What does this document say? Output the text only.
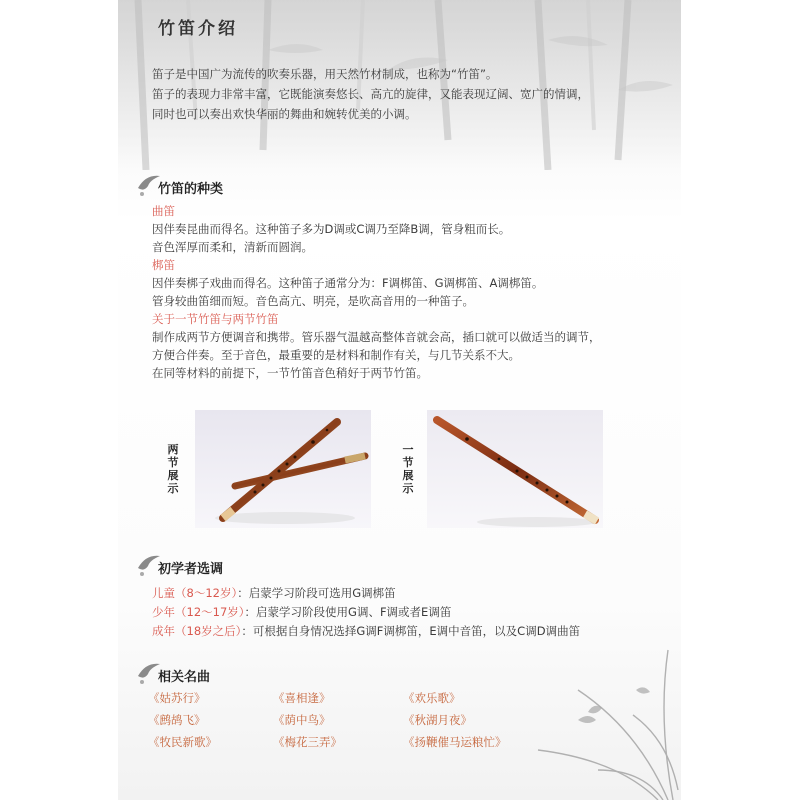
竹笛介绍

笛子是中国广为流传的吹奏乐器，用天然竹材制成，也称为“竹笛”。

笛子的表现力非常丰富，它既能演奏悠长、高亢的旋律，又能表现辽阔、宽广的情调，

同时也可以奏出欢快华丽的舞曲和婉转优美的小调。

竹笛的种类

曲笛

因伴奏昆曲而得名。这种笛子多为D调或C调乃至降B调，管身粗而长。

音色浑厚而柔和，清新而圆润。

梆笛

因伴奏梆子戏曲而得名。这种笛子通常分为：F调梆笛、G调梆笛、A调梆笛。

管身较曲笛细而短。音色高亢、明亮，是吹高音用的一种笛子。

关于一节竹笛与两节竹笛

制作成两节方便调音和携带。管乐器气温越高整体音就会高，插口就可以做适当的调节，

方便合伴奏。至于音色，最重要的是材料和制作有关，与几节关系不大。

在同等材料的前提下，一节竹笛音色稍好于两节竹笛。

两节展示
一节展示
初学者选调

儿童（8～12岁）：启蒙学习阶段可选用G调梆笛

少年（12～17岁）：启蒙学习阶段使用G调、F调或者E调笛

成年（18岁之后）：可根据自身情况选择G调F调梆笛，E调中音笛，以及C调D调曲笛

相关名曲
《姑苏行》	《喜相逢》	《欢乐歌》
《鹧鸪飞》	《荫中鸟》	《秋湖月夜》
《牧民新歌》	《梅花三弄》	《扬鞭催马运粮忙》
